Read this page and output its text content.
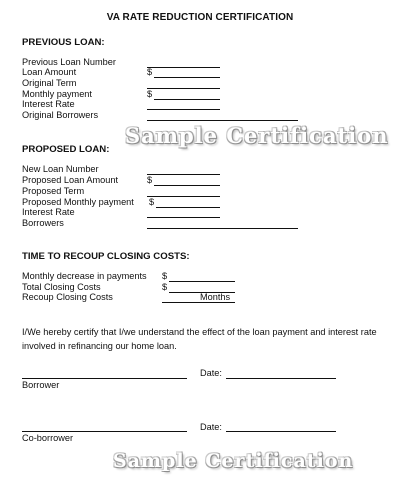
VA RATE REDUCTION CERTIFICATION
PREVIOUS LOAN:
Previous Loan Number
Loan Amount	$
Original Term
Monthly payment	$
Interest Rate
Original Borrowers
Sample Certification
PROPOSED LOAN:
New Loan Number
Proposed Loan Amount	$
Proposed Term
Proposed Monthly payment $
Interest Rate
Borrowers
TIME TO RECOUP CLOSING COSTS:
Monthly decrease in payments $
Total Closing Costs	$
Recoup Closing Costs	Months
I/We hereby certify that I/we understand the effect of the loan payment and interest rate involved in refinancing our home loan.
Date:
Borrower
Date:
Co-borrower
Sample Certification
